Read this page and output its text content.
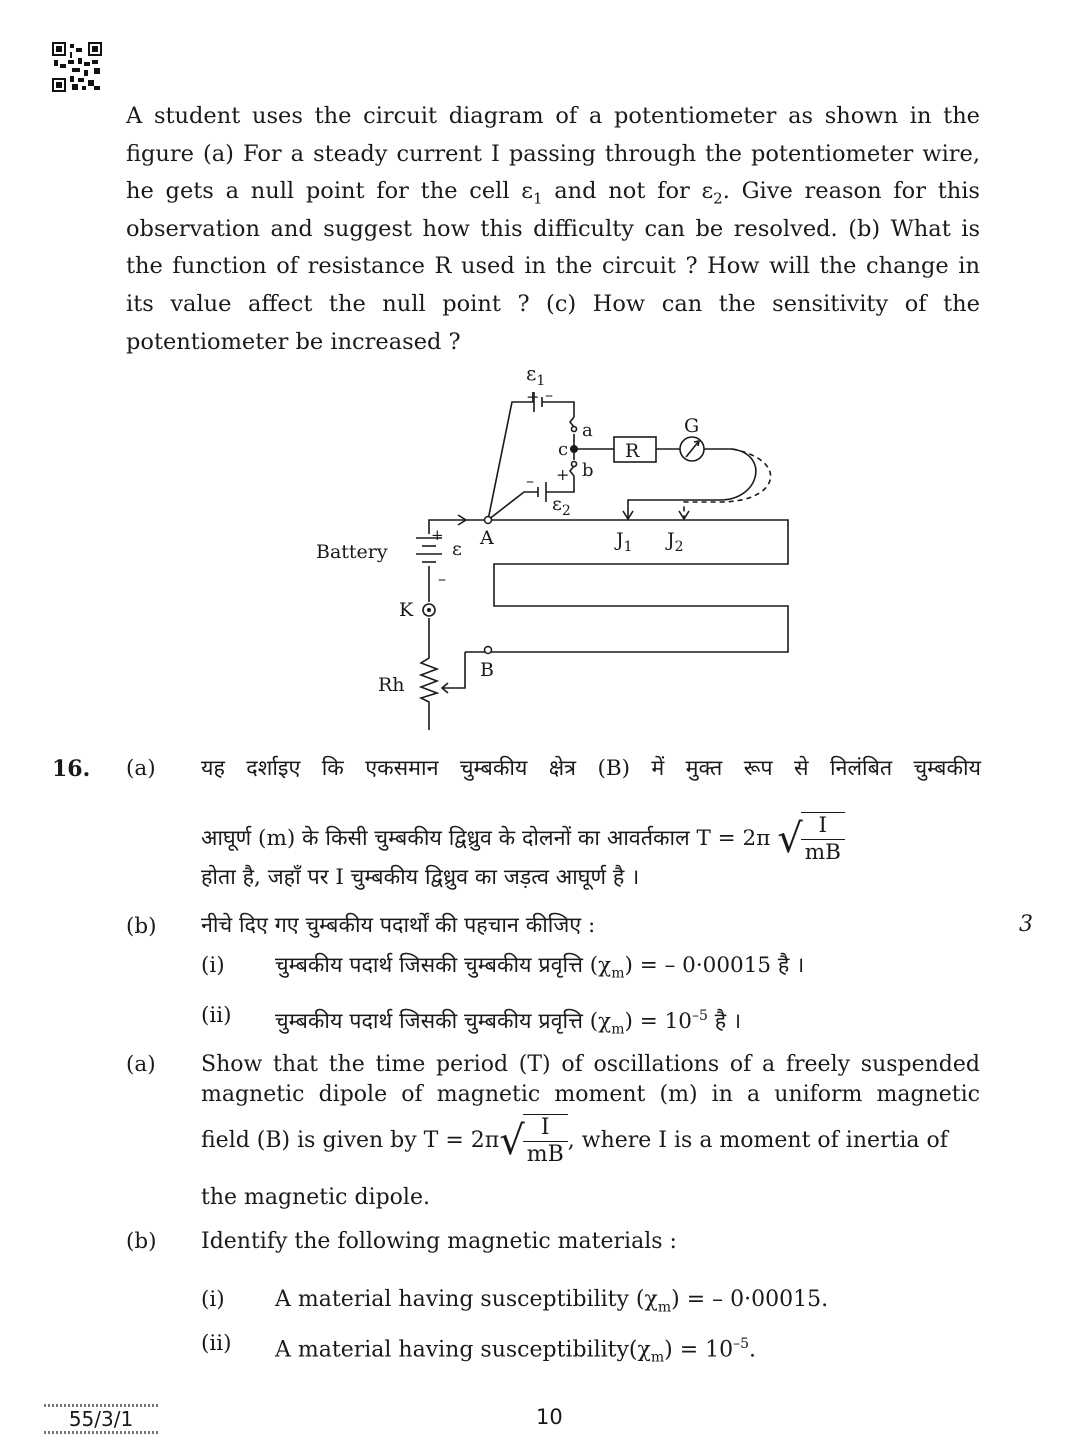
A student uses the circuit diagram of a potentiometer as shown in the figure (a) For a steady current I passing through the potentiometer wire, he gets a null point for the cell $\varepsilon_1$ and not for $\varepsilon_2$. Give reason for this observation and suggest how this difficulty can be resolved. (b) What is the function of resistance R used in the circuit ? How will the change in its value affect the null point ? (c) How can the sensitivity of the potentiometer be increased ?
$\varepsilon_1$
+ –
a
c
b
– +
$\varepsilon_2$
R
G
Battery
+
–
ε A	$J_1$ $J_2$
K
B
Rh
16. (a) यह दर्शाइए कि एकसमान चुम्बकीय क्षेत्र (B) में मुक्त रूप से निलंबित चुम्बकीय
आघूर्ण (m) के किसी चुम्बकीय द्विध्रुव के दोलनों का आवर्तकाल T = 2π √
$\frac{I}{mB}$
होता है, जहाँ पर I चुम्बकीय द्विध्रुव का जड़त्व आघूर्ण है ।
(b) नीचे दिए गए चुम्बकीय पदार्थों की पहचान कीजिए :	3
(i) चुम्बकीय पदार्थ जिसकी चुम्बकीय प्रवृत्ति $(\chi_m)$ = – 0·00015 है ।
(ii) चुम्बकीय पदार्थ जिसकी चुम्बकीय प्रवृत्ति $(\chi_m) = 10^{-5}$ है ।
(a) Show that the time period (T) of oscillations of a freely suspended
magnetic dipole of magnetic moment (m) in a uniform magnetic
field (B) is given by T = 2π √
$\frac{I}{mB}$ , where I is a moment of inertia of
the magnetic dipole.
(b) Identify the following magnetic materials :
(i) A material having susceptibility $(\chi_m)$ = – 0·00015.
(ii) A material having $susceptibility(\chi_m) = 10^{-5}$.
55/3/1	10
